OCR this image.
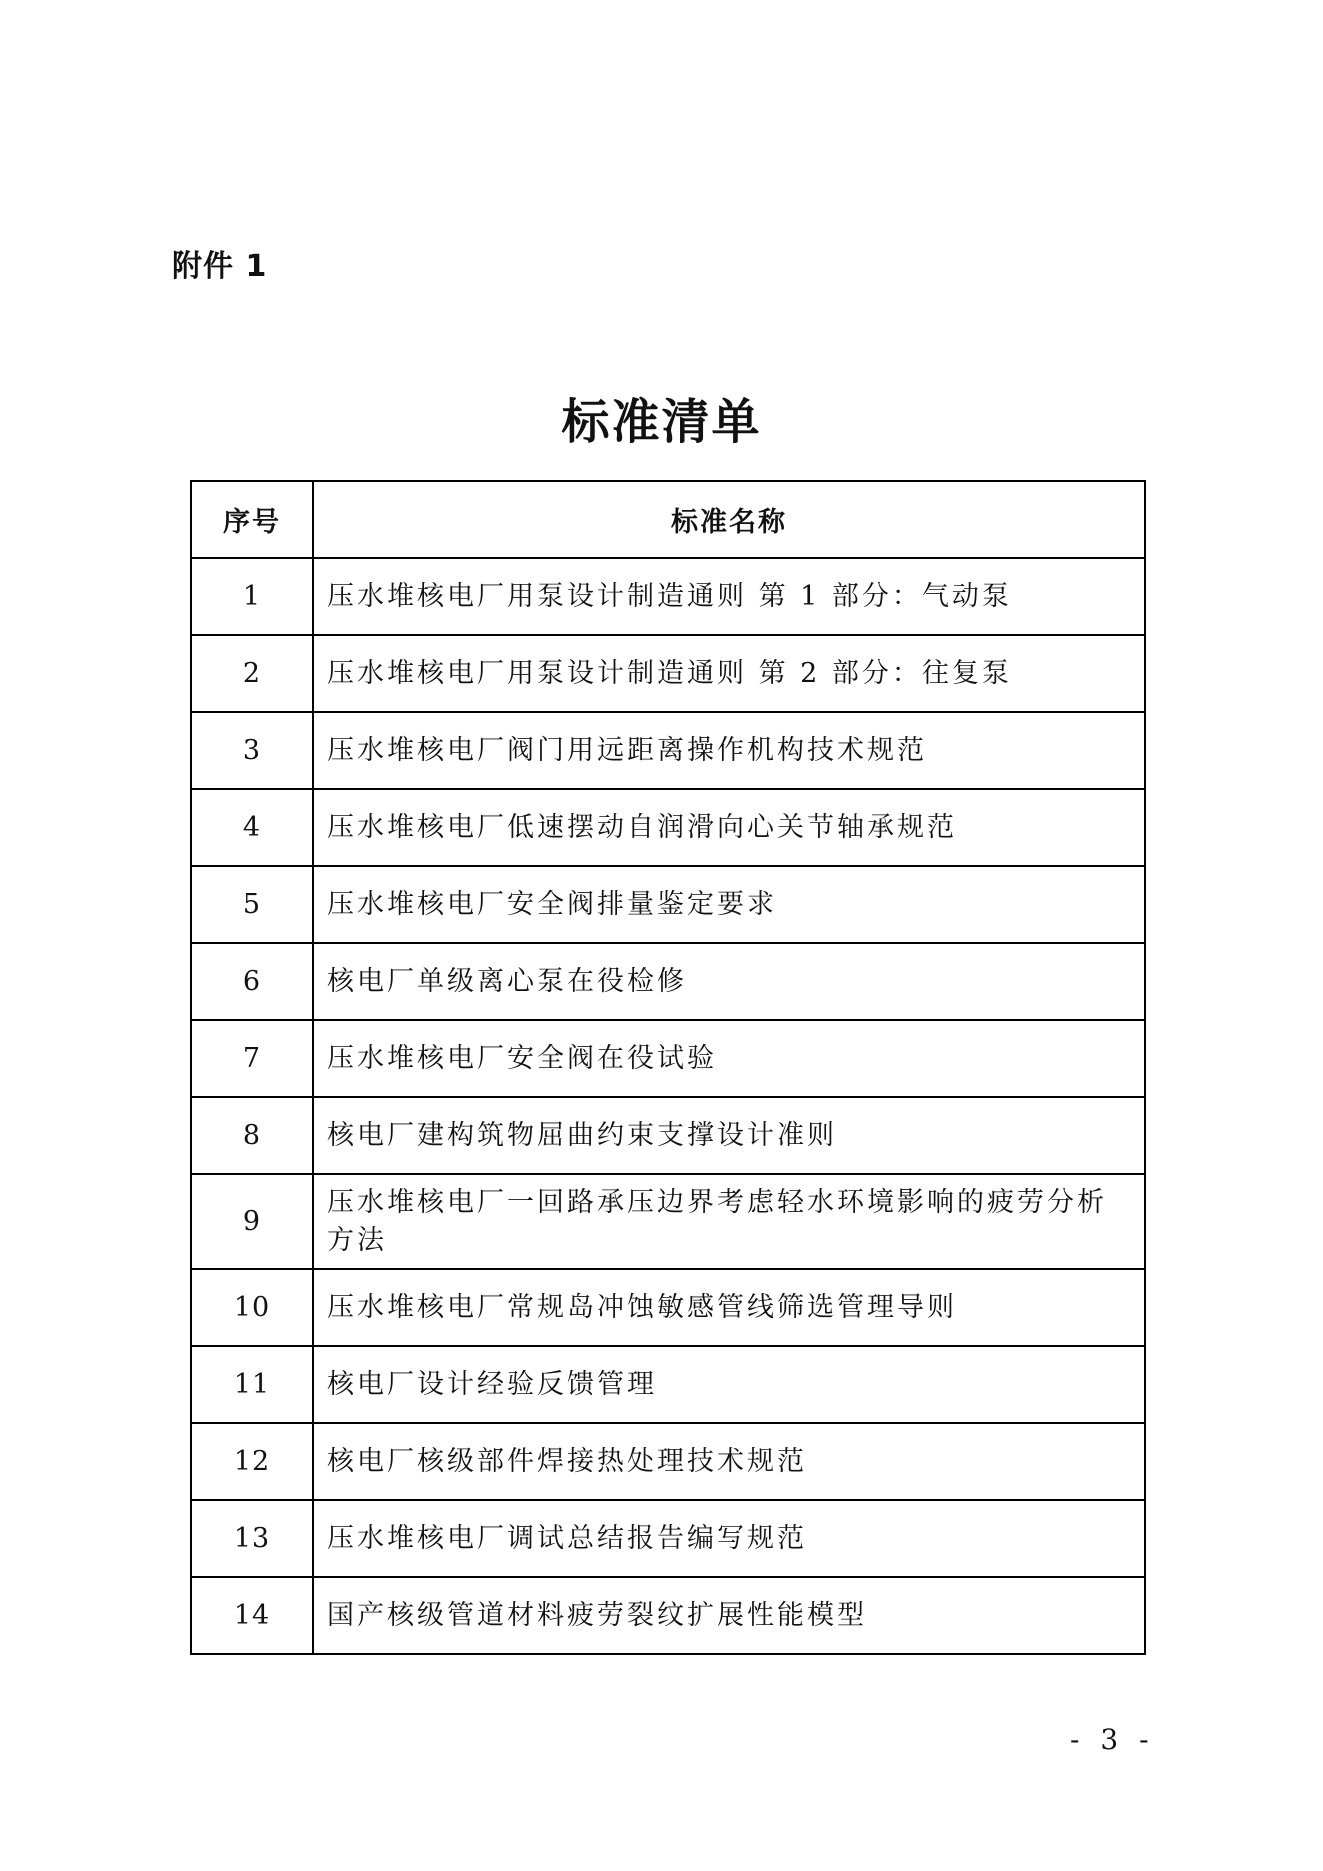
附件 1

标准清单
序号	标准名称
1	压水堆核电厂用泵设计制造通则 第 1 部分：气动泵
2	压水堆核电厂用泵设计制造通则 第 2 部分：往复泵
3	压水堆核电厂阀门用远距离操作机构技术规范
4	压水堆核电厂低速摆动自润滑向心关节轴承规范
5	压水堆核电厂安全阀排量鉴定要求
6	核电厂单级离心泵在役检修
7	压水堆核电厂安全阀在役试验
8	核电厂建构筑物屈曲约束支撑设计准则
9	压水堆核电厂一回路承压边界考虑轻水环境影响的疲劳分析方法
10	压水堆核电厂常规岛冲蚀敏感管线筛选管理导则
11	核电厂设计经验反馈管理
12	核电厂核级部件焊接热处理技术规范
13	压水堆核电厂调试总结报告编写规范
14	国产核级管道材料疲劳裂纹扩展性能模型

- 3 -
